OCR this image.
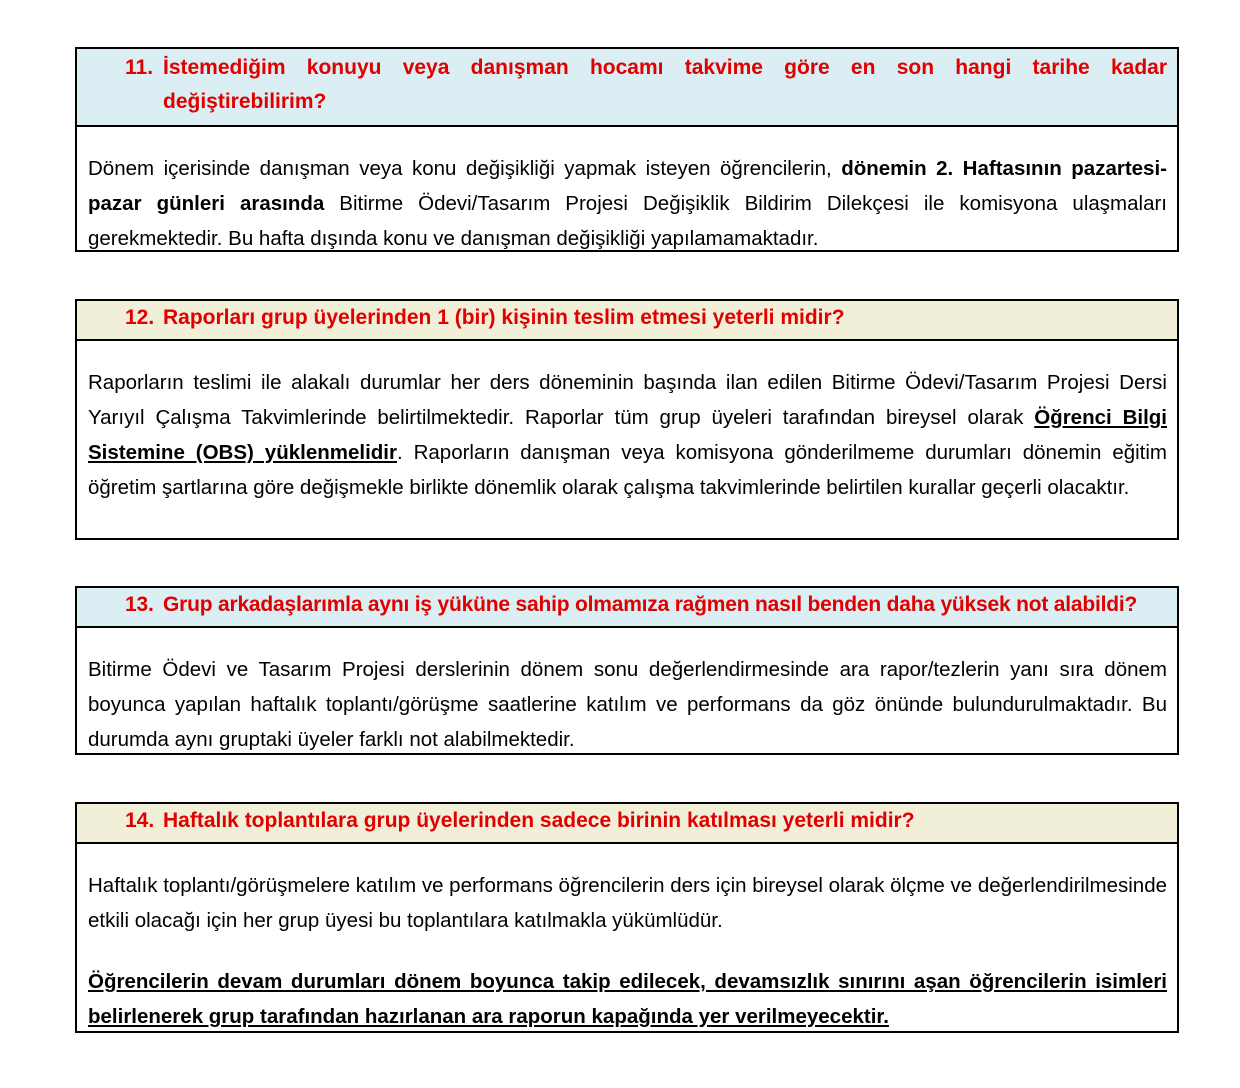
11. İstemediğim konuyu veya danışman hocamı takvime göre en son hangi tarihe kadar
değiştirebilirim?

Dönem içerisinde danışman veya konu değişikliği yapmak isteyen öğrencilerin, dönemin 2. Haftasının pazartesi-pazar günleri arasında Bitirme Ödevi/Tasarım Projesi Değişiklik Bildirim Dilekçesi ile komisyona ulaşmaları gerekmektedir. Bu hafta dışında konu ve danışman değişikliği yapılamamaktadır.

12. Raporları grup üyelerinden 1 (bir) kişinin teslim etmesi yeterli midir?

Raporların teslimi ile alakalı durumlar her ders döneminin başında ilan edilen Bitirme Ödevi/Tasarım Projesi Dersi Yarıyıl Çalışma Takvimlerinde belirtilmektedir. Raporlar tüm grup üyeleri tarafından bireysel olarak Öğrenci Bilgi Sistemine (OBS) yüklenmelidir. Raporların danışman veya komisyona gönderilmeme durumları dönemin eğitim öğretim şartlarına göre değişmekle birlikte dönemlik olarak çalışma takvimlerinde belirtilen kurallar geçerli olacaktır.

13. Grup arkadaşlarımla aynı iş yüküne sahip olmamıza rağmen nasıl benden daha yüksek not alabildi?

Bitirme Ödevi ve Tasarım Projesi derslerinin dönem sonu değerlendirmesinde ara rapor/tezlerin yanı sıra dönem boyunca yapılan haftalık toplantı/görüşme saatlerine katılım ve performans da göz önünde bulundurulmaktadır. Bu durumda aynı gruptaki üyeler farklı not alabilmektedir.

14. Haftalık toplantılara grup üyelerinden sadece birinin katılması yeterli midir?

Haftalık toplantı/görüşmelere katılım ve performans öğrencilerin ders için bireysel olarak ölçme ve değerlendirilmesinde etkili olacağı için her grup üyesi bu toplantılara katılmakla yükümlüdür.

Öğrencilerin devam durumları dönem boyunca takip edilecek, devamsızlık sınırını aşan öğrencilerin isimleri belirlenerek grup tarafından hazırlanan ara raporun kapağında yer verilmeyecektir.
